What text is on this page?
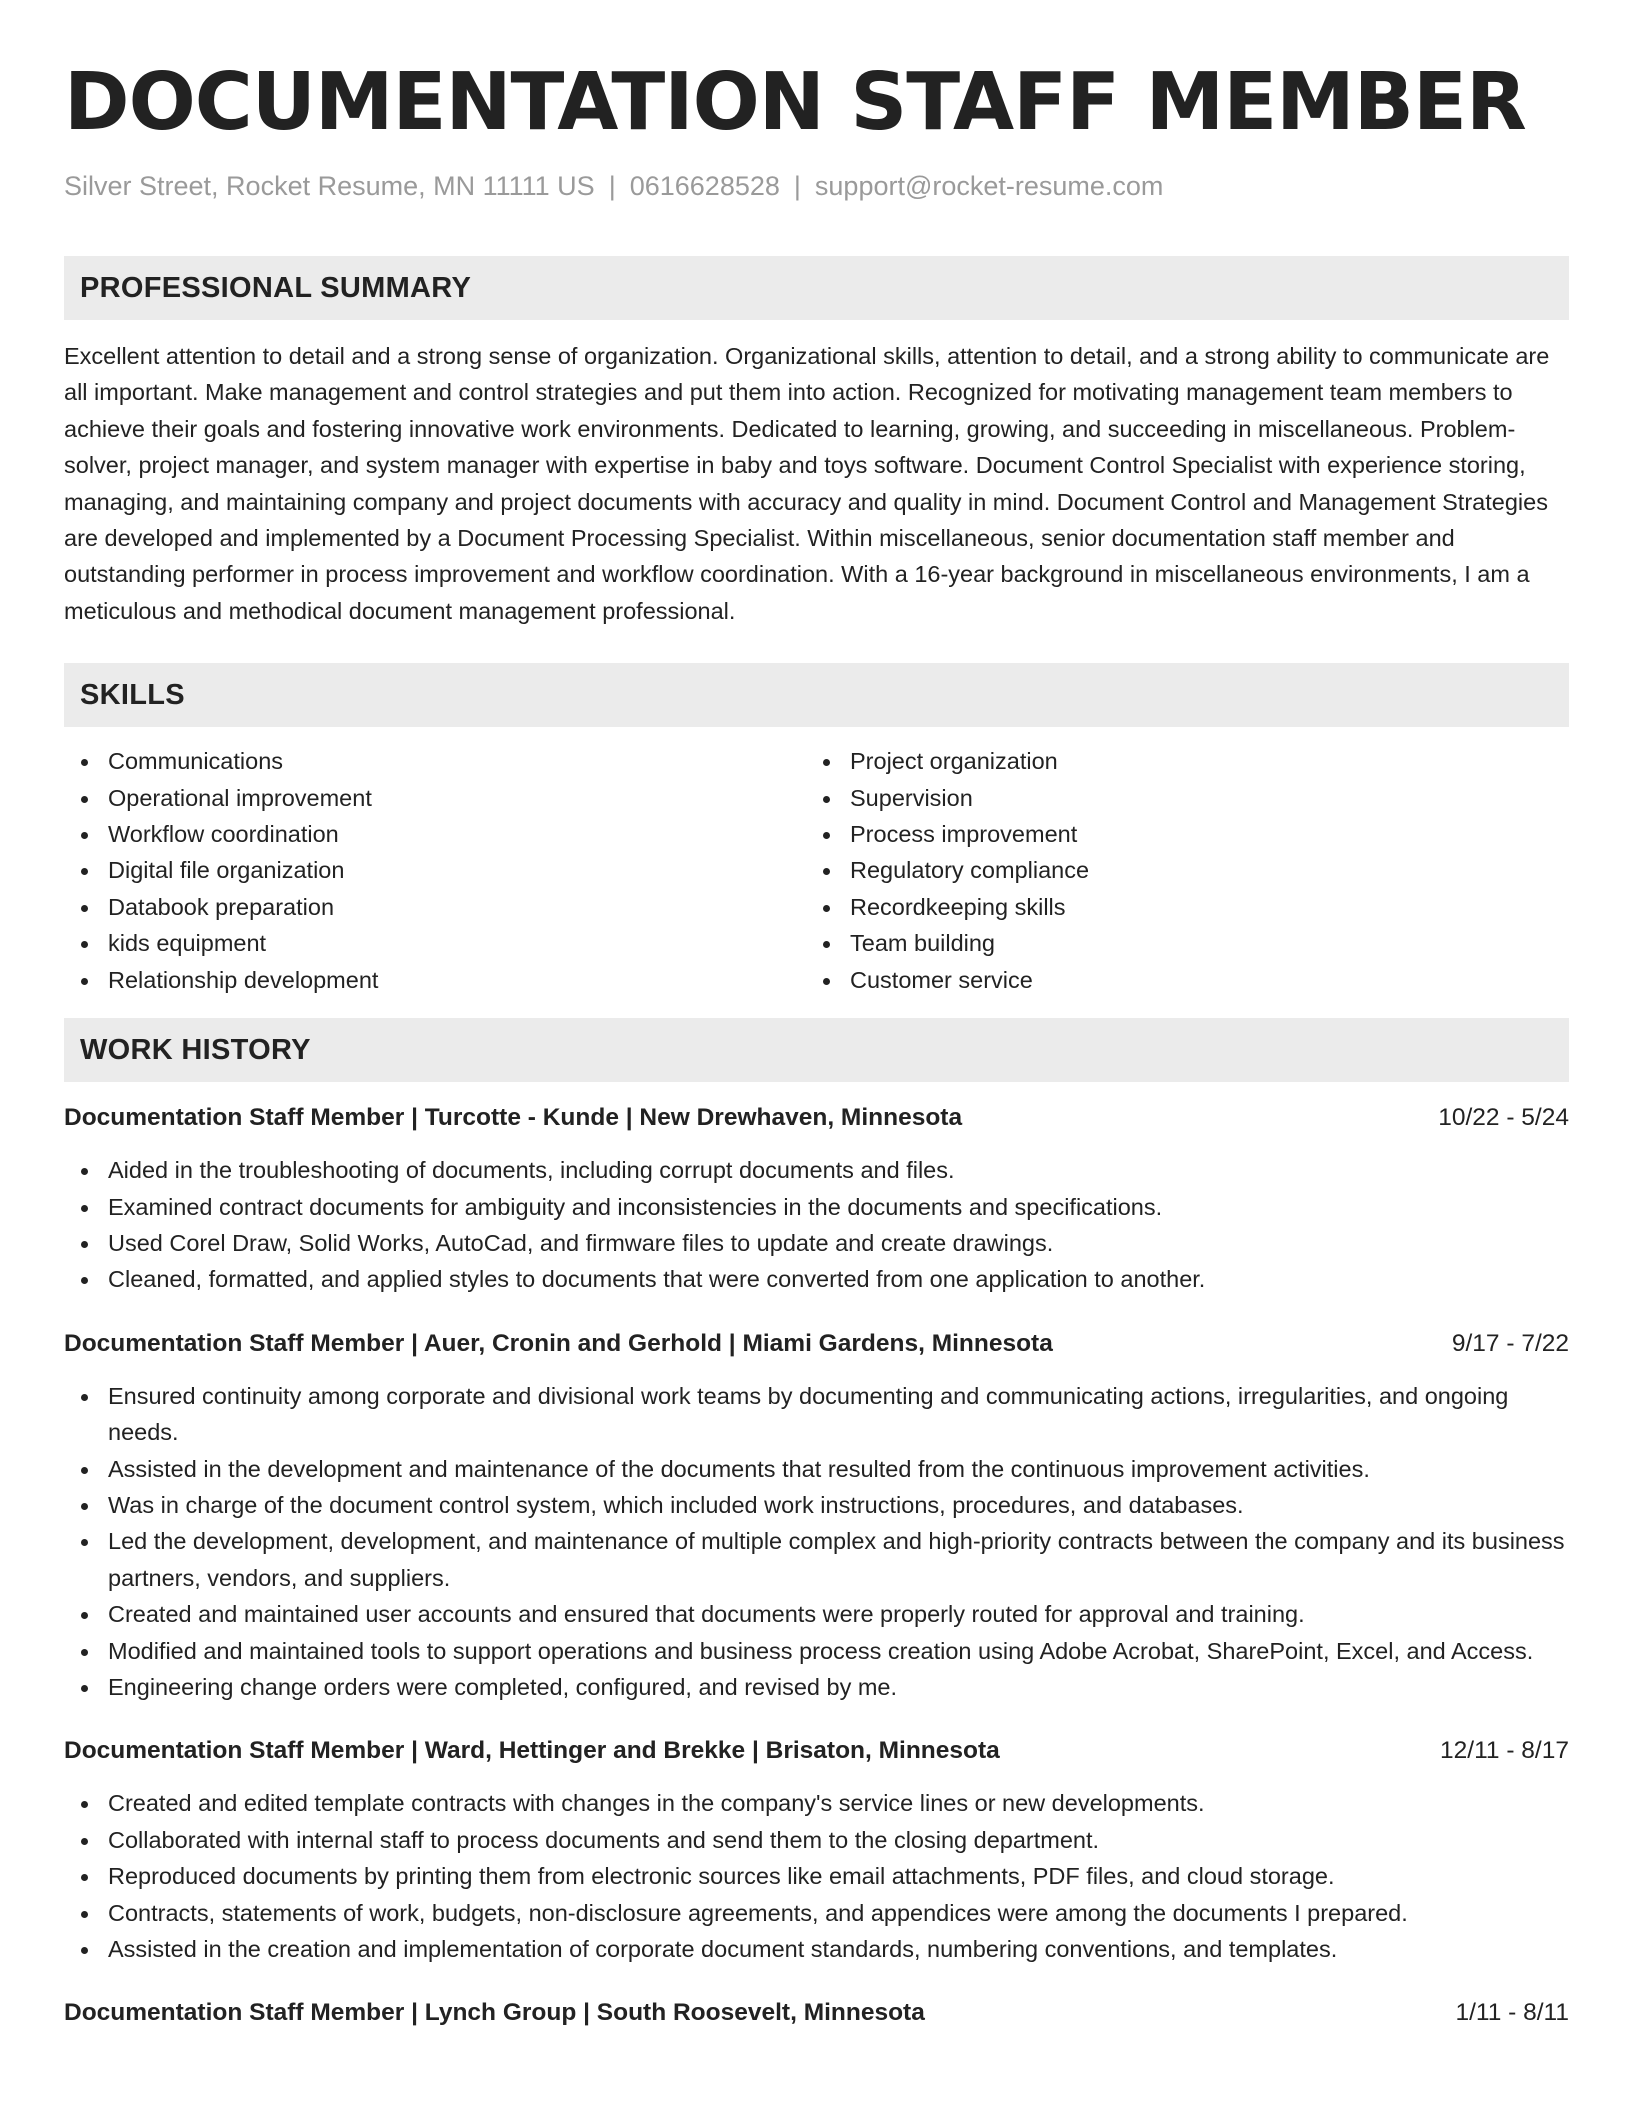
DOCUMENTATION STAFF MEMBER
Silver Street, Rocket Resume, MN 11111 US | 0616628528 | support@rocket-resume.com
PROFESSIONAL SUMMARY

Excellent attention to detail and a strong sense of organization. Organizational skills, attention to detail, and a strong ability to communicate are all important. Make management and control strategies and put them into action. Recognized for motivating management team members to achieve their goals and fostering innovative work environments. Dedicated to learning, growing, and succeeding in miscellaneous. Problem-solver, project manager, and system manager with expertise in baby and toys software. Document Control Specialist with experience storing, managing, and maintaining company and project documents with accuracy and quality in mind. Document Control and Management Strategies are developed and implemented by a Document Processing Specialist. Within miscellaneous, senior documentation staff member and outstanding performer in process improvement and workflow coordination. With a 16-year background in miscellaneous environments, I am a meticulous and methodical document management professional.

SKILLS
Communications
Operational improvement
Workflow coordination
Digital file organization
Databook preparation
kids equipment
Relationship development
Project organization
Supervision
Process improvement
Regulatory compliance
Recordkeeping skills
Team building
Customer service
WORK HISTORY
Documentation Staff Member | Turcotte - Kunde | New Drewhaven, Minnesota	10/22 - 5/24
Aided in the troubleshooting of documents, including corrupt documents and files.
Examined contract documents for ambiguity and inconsistencies in the documents and specifications.
Used Corel Draw, Solid Works, AutoCad, and firmware files to update and create drawings.
Cleaned, formatted, and applied styles to documents that were converted from one application to another.
Documentation Staff Member | Auer, Cronin and Gerhold | Miami Gardens, Minnesota	9/17 - 7/22
Ensured continuity among corporate and divisional work teams by documenting and communicating actions, irregularities, and ongoing needs.
Assisted in the development and maintenance of the documents that resulted from the continuous improvement activities.
Was in charge of the document control system, which included work instructions, procedures, and databases.
Led the development, development, and maintenance of multiple complex and high-priority contracts between the company and its business partners, vendors, and suppliers.
Created and maintained user accounts and ensured that documents were properly routed for approval and training.
Modified and maintained tools to support operations and business process creation using Adobe Acrobat, SharePoint, Excel, and Access.
Engineering change orders were completed, configured, and revised by me.
Documentation Staff Member | Ward, Hettinger and Brekke | Brisaton, Minnesota	12/11 - 8/17
Created and edited template contracts with changes in the company's service lines or new developments.
Collaborated with internal staff to process documents and send them to the closing department.
Reproduced documents by printing them from electronic sources like email attachments, PDF files, and cloud storage.
Contracts, statements of work, budgets, non-disclosure agreements, and appendices were among the documents I prepared.
Assisted in the creation and implementation of corporate document standards, numbering conventions, and templates.
Documentation Staff Member | Lynch Group | South Roosevelt, Minnesota	1/11 - 8/11
